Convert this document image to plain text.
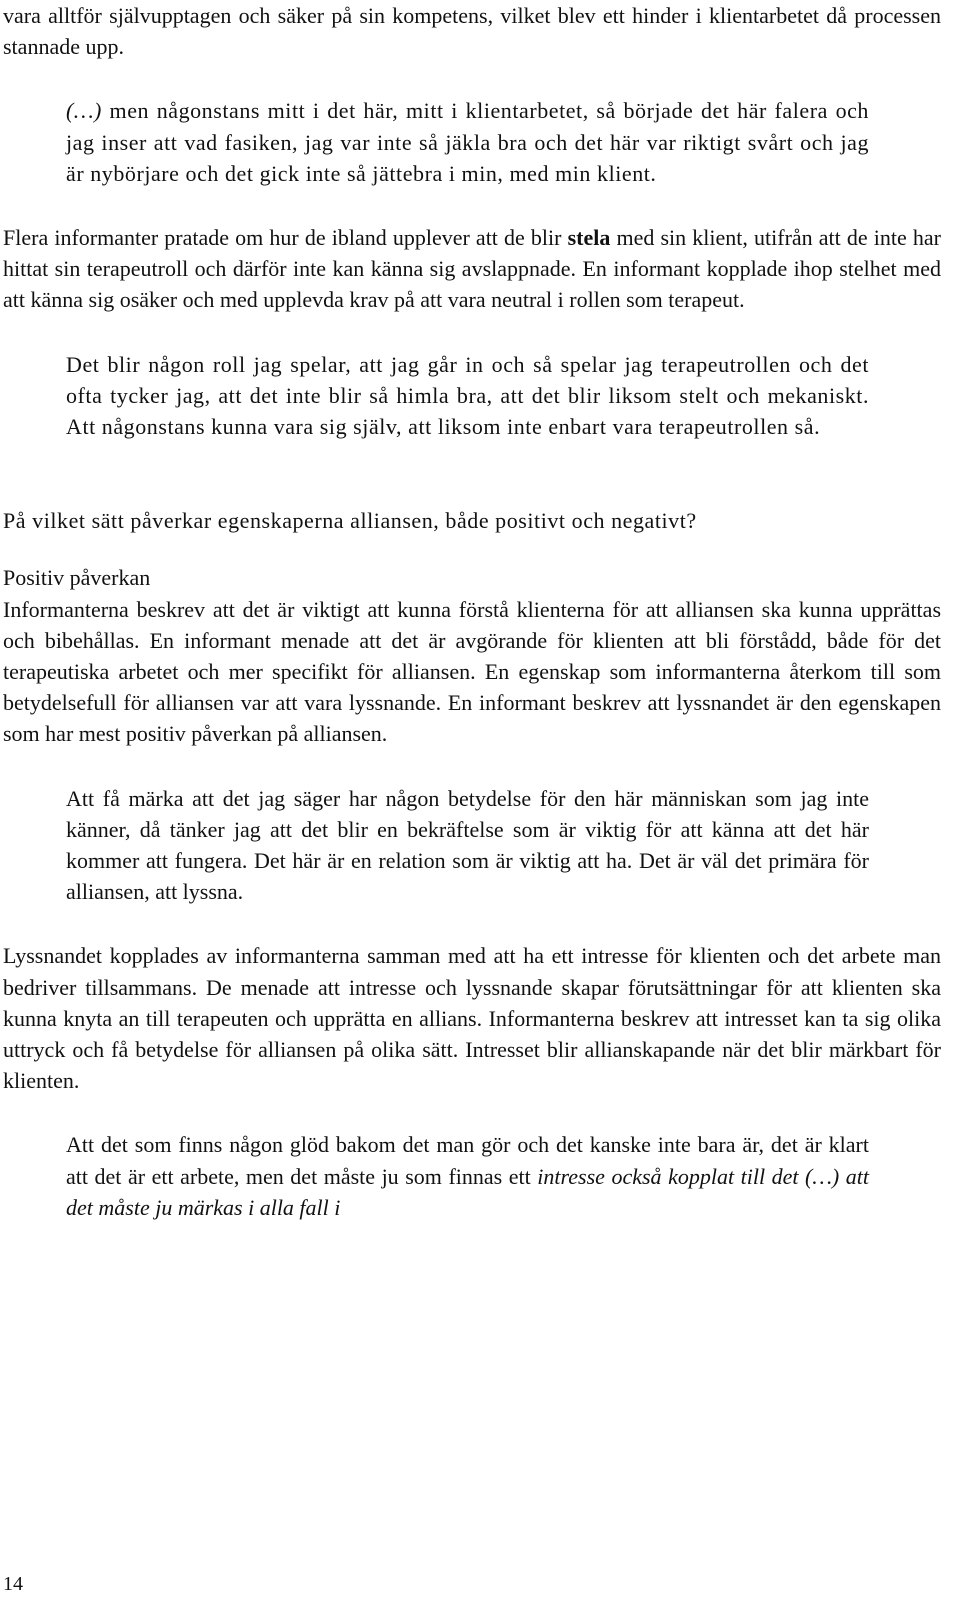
vara alltför självupptagen och säker på sin kompetens, vilket blev ett hinder i klientarbetet då processen stannade upp.

(…) men någonstans mitt i det här, mitt i klientarbetet, så började det här falera och jag inser att vad fasiken, jag var inte så jäkla bra och det här var riktigt svårt och jag är nybörjare och det gick inte så jättebra i min, med min klient.

Flera informanter pratade om hur de ibland upplever att de blir stela med sin klient, utifrån att de inte har hittat sin terapeutroll och därför inte kan känna sig avslappnade. En informant kopplade ihop stelhet med att känna sig osäker och med upplevda krav på att vara neutral i rollen som terapeut.

Det blir någon roll jag spelar, att jag går in och så spelar jag terapeutrollen och det ofta tycker jag, att det inte blir så himla bra, att det blir liksom stelt och mekaniskt. Att någonstans kunna vara sig själv, att liksom inte enbart vara terapeutrollen så.

På vilket sätt påverkar egenskaperna alliansen, både positivt och negativt?

Positiv påverkan

Informanterna beskrev att det är viktigt att kunna förstå klienterna för att alliansen ska kunna upprättas och bibehållas. En informant menade att det är avgörande för klienten att bli förstådd, både för det terapeutiska arbetet och mer specifikt för alliansen. En egenskap som informanterna återkom till som betydelsefull för alliansen var att vara lyssnande. En informant beskrev att lyssnandet är den egenskapen som har mest positiv påverkan på alliansen.

Att få märka att det jag säger har någon betydelse för den här människan som jag inte känner, då tänker jag att det blir en bekräftelse som är viktig för att känna att det här kommer att fungera. Det här är en relation som är viktig att ha. Det är väl det primära för alliansen, att lyssna.

Lyssnandet kopplades av informanterna samman med att ha ett intresse för klienten och det arbete man bedriver tillsammans. De menade att intresse och lyssnande skapar förutsättningar för att klienten ska kunna knyta an till terapeuten och upprätta en allians. Informanterna beskrev att intresset kan ta sig olika uttryck och få betydelse för alliansen på olika sätt. Intresset blir allianskapande när det blir märkbart för klienten.

Att det som finns någon glöd bakom det man gör och det kanske inte bara är, det är klart att det är ett arbete, men det måste ju som finnas ett intresse också kopplat till det (…) att det måste ju märkas i alla fall i

14
